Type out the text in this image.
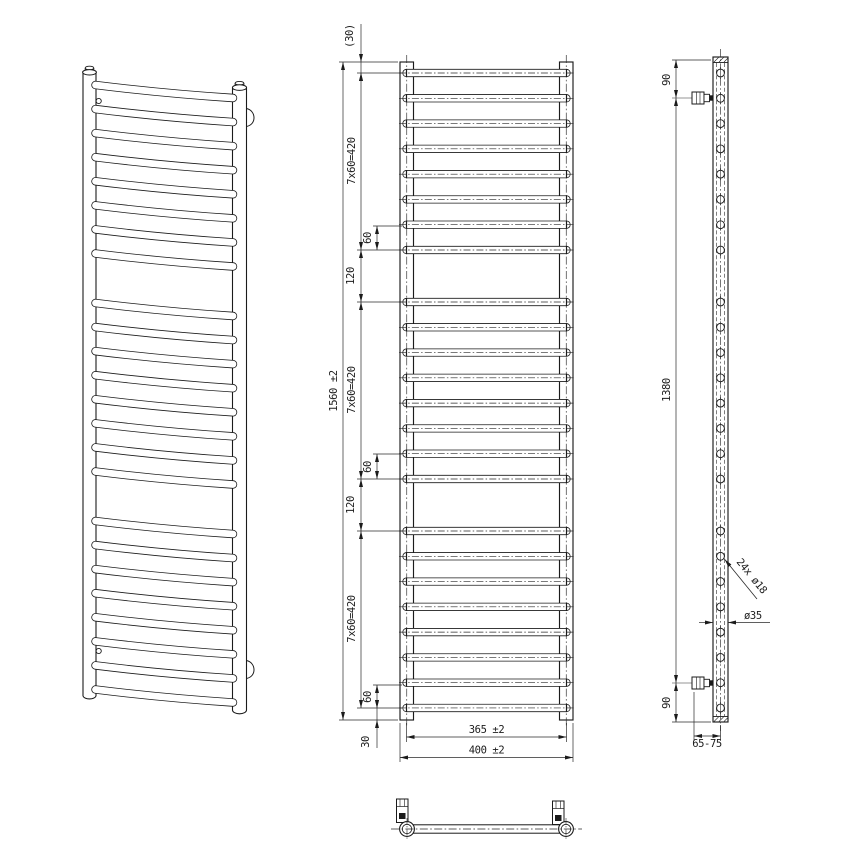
(30)
1560 ±2
7x60=420
7x60=420
7x60=420
120
120
60
60
60
30
365 ±2
400 ±2
90
1380
90
65-75
ø35
24x ø18
